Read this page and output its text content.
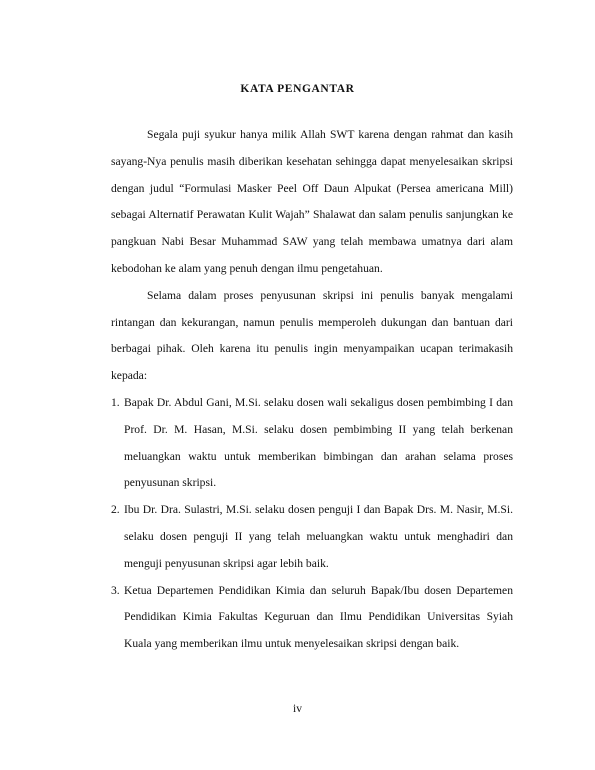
KATA PENGANTAR

Segala puji syukur hanya milik Allah SWT karena dengan rahmat dan kasih sayang-Nya penulis masih diberikan kesehatan sehingga dapat menyelesaikan skripsi dengan judul “Formulasi Masker Peel Off Daun Alpukat (Persea americana Mill) sebagai Alternatif Perawatan Kulit Wajah” Shalawat dan salam penulis sanjungkan ke pangkuan Nabi Besar Muhammad SAW yang telah membawa umatnya dari alam kebodohan ke alam yang penuh dengan ilmu pengetahuan.

Selama dalam proses penyusunan skripsi ini penulis banyak mengalami rintangan dan kekurangan, namun penulis memperoleh dukungan dan bantuan dari berbagai pihak. Oleh karena itu penulis ingin menyampaikan ucapan terimakasih kepada:

1. Bapak Dr. Abdul Gani, M.Si. selaku dosen wali sekaligus dosen pembimbing I dan Prof. Dr. M. Hasan, M.Si. selaku dosen pembimbing II yang telah berkenan meluangkan waktu untuk memberikan bimbingan dan arahan selama proses penyusunan skripsi.
2. Ibu Dr. Dra. Sulastri, M.Si. selaku dosen penguji I dan Bapak Drs. M. Nasir, M.Si. selaku dosen penguji II yang telah meluangkan waktu untuk menghadiri dan menguji penyusunan skripsi agar lebih baik.
3. Ketua Departemen Pendidikan Kimia dan seluruh Bapak/Ibu dosen Departemen Pendidikan Kimia Fakultas Keguruan dan Ilmu Pendidikan Universitas Syiah Kuala yang memberikan ilmu untuk menyelesaikan skripsi dengan baik.
iv
